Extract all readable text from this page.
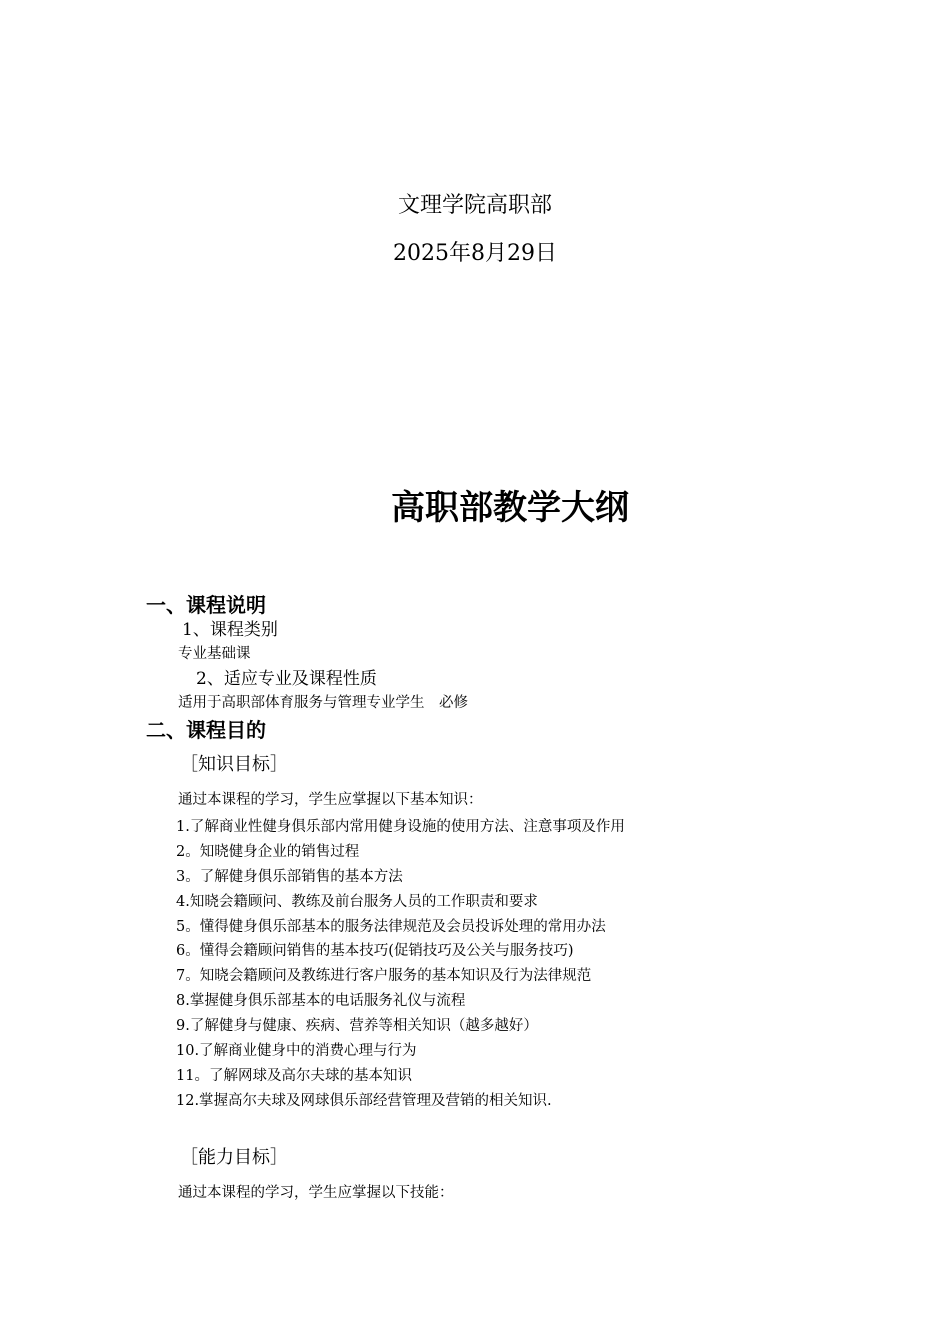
文理学院高职部
2025年8月29日
高职部教学大纲
一、课程说明
1、课程类别
专业基础课
2、适应专业及课程性质
适用于高职部体育服务与管理专业学生　必修
二、课程目的
［知识目标］
通过本课程的学习，学生应掌握以下基本知识：
1.了解商业性健身俱乐部内常用健身设施的使用方法、注意事项及作用
2。知晓健身企业的销售过程
3。了解健身俱乐部销售的基本方法
4.知晓会籍顾问、教练及前台服务人员的工作职责和要求
5。懂得健身俱乐部基本的服务法律规范及会员投诉处理的常用办法
6。懂得会籍顾问销售的基本技巧(促销技巧及公关与服务技巧)
7。知晓会籍顾问及教练进行客户服务的基本知识及行为法律规范
8.掌握健身俱乐部基本的电话服务礼仪与流程
9.了解健身与健康、疾病、营养等相关知识（越多越好）
10.了解商业健身中的消费心理与行为
11。了解网球及高尔夫球的基本知识
12.掌握高尔夫球及网球俱乐部经营管理及营销的相关知识.
［能力目标］
通过本课程的学习，学生应掌握以下技能：
